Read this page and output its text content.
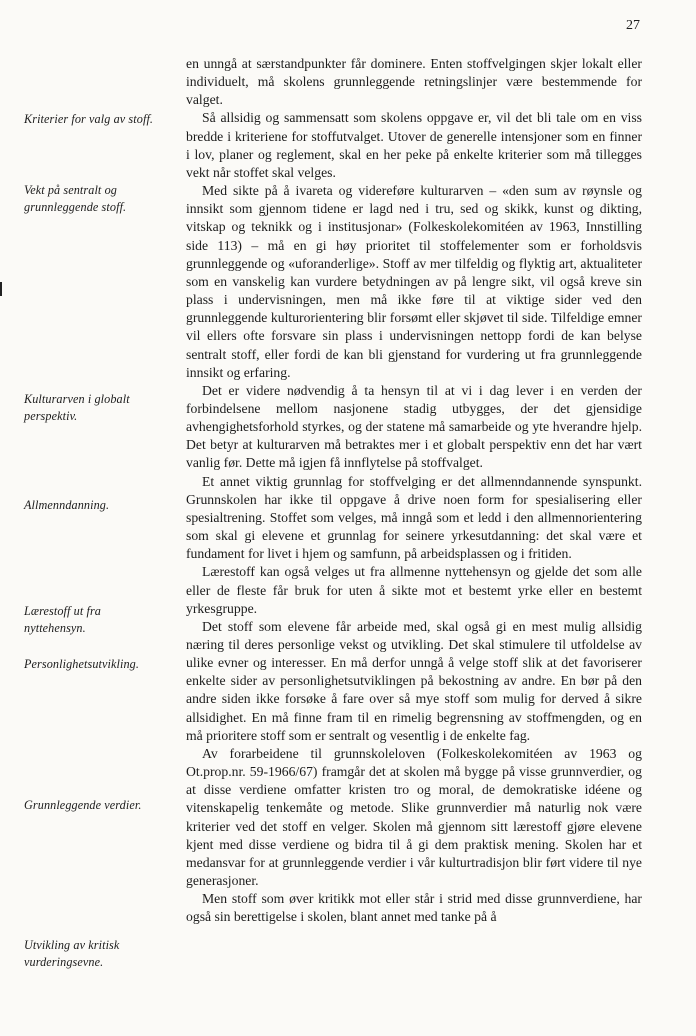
27
Kriterier for valg av stoff.
Vekt på sentralt og grunnleggende stoff.
Kulturarven i globalt perspektiv.
Allmenndanning.
Lærestoff ut fra nyttehensyn.
Personlighetsutvikling.
Grunnleggende verdier.
Utvikling av kritisk vurderingsevne.

en unngå at særstandpunkter får dominere. Enten stoffvelgingen skjer lokalt eller individuelt, må skolens grunnleggende retningslinjer være bestemmende for valget.

Så allsidig og sammensatt som skolens oppgave er, vil det bli tale om en viss bredde i kriteriene for stoffutvalget. Utover de generelle intensjoner som en finner i lov, planer og reglement, skal en her peke på enkelte kriterier som må tillegges vekt når stoffet skal velges.

Med sikte på å ivareta og videreføre kulturarven – «den sum av røynsle og innsikt som gjennom tidene er lagd ned i tru, sed og skikk, kunst og dikting, vitskap og teknikk og i institusjonar» (Folkeskolekomitéen av 1963, Innstilling side 113) – må en gi høy prioritet til stoffelementer som er forholdsvis grunnleggende og «uforanderlige». Stoff av mer tilfeldig og flyktig art, aktualiteter som en vanskelig kan vurdere betydningen av på lengre sikt, vil også kreve sin plass i undervisningen, men må ikke føre til at viktige sider ved den grunnleggende kulturorientering blir forsømt eller skjøvet til side. Tilfeldige emner vil ellers ofte forsvare sin plass i undervisningen nettopp fordi de kan belyse sentralt stoff, eller fordi de kan bli gjenstand for vurdering ut fra grunnleggende innsikt og erfaring.

Det er videre nødvendig å ta hensyn til at vi i dag lever i en verden der forbindelsene mellom nasjonene stadig utbygges, der det gjensidige avhengighetsforhold styrkes, og der statene må samarbeide og yte hverandre hjelp. Det betyr at kulturarven må betraktes mer i et globalt perspektiv enn det har vært vanlig før. Dette må igjen få innflytelse på stoffvalget.

Et annet viktig grunnlag for stoffvelging er det allmenndannende synspunkt. Grunnskolen har ikke til oppgave å drive noen form for spesialisering eller spesialtrening. Stoffet som velges, må inngå som et ledd i den allmennorientering som skal gi elevene et grunnlag for seinere yrkesutdanning: det skal være et fundament for livet i hjem og samfunn, på arbeidsplassen og i fritiden.

Lærestoff kan også velges ut fra allmenne nyttehensyn og gjelde det som alle eller de fleste får bruk for uten å sikte mot et bestemt yrke eller en bestemt yrkesgruppe.

Det stoff som elevene får arbeide med, skal også gi en mest mulig allsidig næring til deres personlige vekst og utvikling. Det skal stimulere til utfoldelse av ulike evner og interesser. En må derfor unngå å velge stoff slik at det favoriserer enkelte sider av personlighetsutviklingen på bekostning av andre. En bør på den andre siden ikke forsøke å fare over så mye stoff som mulig for derved å sikre allsidighet. En må finne fram til en rimelig begrensning av stoffmengden, og en må prioritere stoff som er sentralt og vesentlig i de enkelte fag.

Av forarbeidene til grunnskoleloven (Folkeskolekomitéen av 1963 og Ot.prop.nr. 59-1966/67) framgår det at skolen må bygge på visse grunnverdier, og at disse verdiene omfatter kristen tro og moral, de demokratiske idéene og vitenskapelig tenkemåte og metode. Slike grunnverdier må naturlig nok være kriterier ved det stoff en velger. Skolen må gjennom sitt lærestoff gjøre elevene kjent med disse verdiene og bidra til å gi dem praktisk mening. Skolen har et medansvar for at grunnleggende verdier i vår kulturtradisjon blir ført videre til nye generasjoner.

Men stoff som øver kritikk mot eller står i strid med disse grunnverdiene, har også sin berettigelse i skolen, blant annet med tanke på å
